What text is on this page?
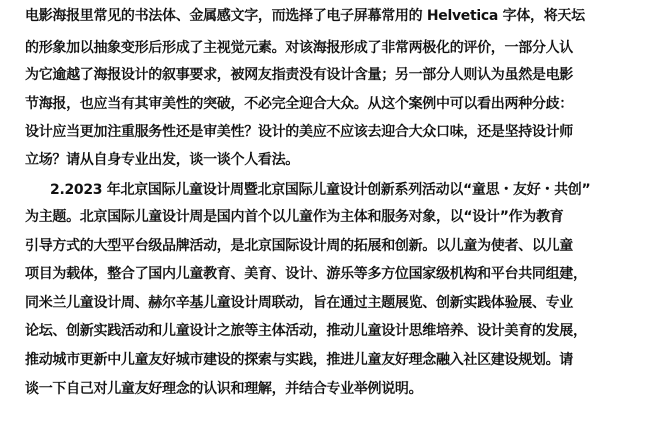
电影海报里常见的书法体、金属感文字，而选择了电子屏幕常用的 Helvetica 字体，将天坛
的形象加以抽象变形后形成了主视觉元素。对该海报形成了非常两极化的评价，一部分人认
为它逾越了海报设计的叙事要求，被网友指责没有设计含量；另一部分人则认为虽然是电影
节海报，也应当有其审美性的突破，不必完全迎合大众。从这个案例中可以看出两种分歧：
设计应当更加注重服务性还是审美性？设计的美应不应该去迎合大众口味，还是坚持设计师
立场？请从自身专业出发，谈一谈个人看法。
2.2023 年北京国际儿童设计周暨北京国际儿童设计创新系列活动以“童思・友好・共创”
为主题。北京国际儿童设计周是国内首个以儿童作为主体和服务对象，以“设计”作为教育
引导方式的大型平台级品牌活动，是北京国际设计周的拓展和创新。以儿童为使者、以儿童
项目为载体，整合了国内儿童教育、美育、设计、游乐等多方位国家级机构和平台共同组建，
同米兰儿童设计周、赫尔辛基儿童设计周联动，旨在通过主题展览、创新实践体验展、专业
论坛、创新实践活动和儿童设计之旅等主体活动，推动儿童设计思维培养、设计美育的发展，
推动城市更新中儿童友好城市建设的探索与实践，推进儿童友好理念融入社区建设规划。请
谈一下自己对儿童友好理念的认识和理解，并结合专业举例说明。
